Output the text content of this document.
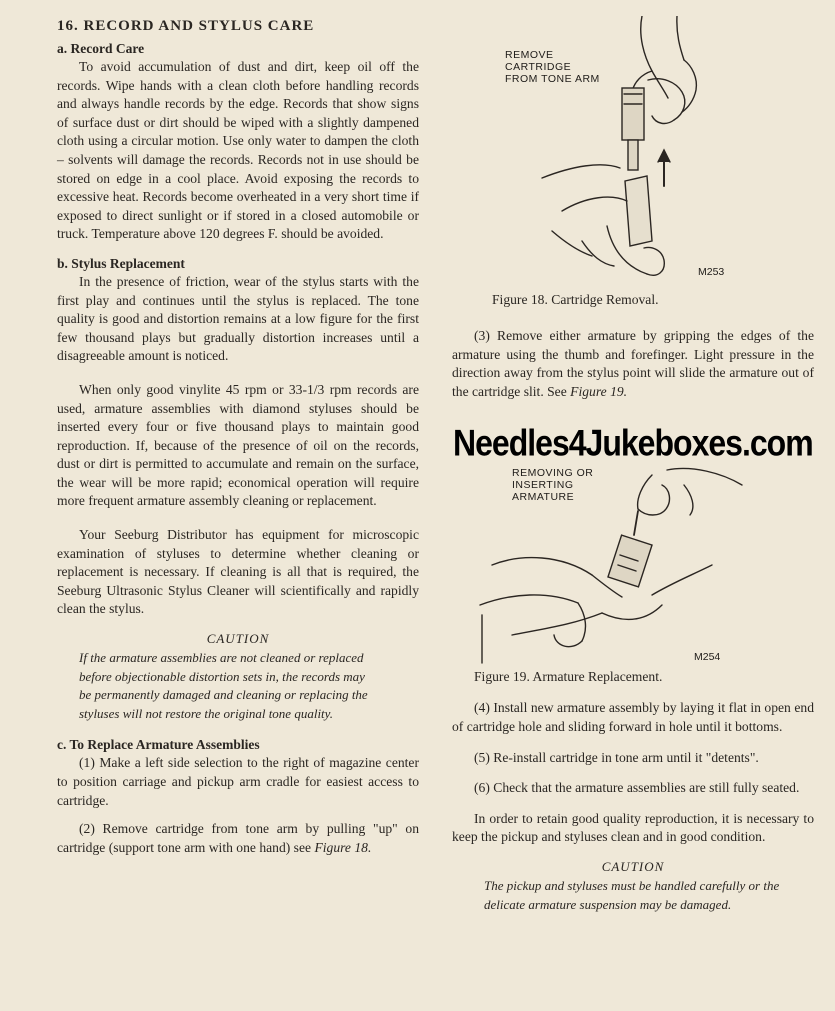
16. RECORD AND STYLUS CARE
a. Record Care

To avoid accumulation of dust and dirt, keep oil off the records. Wipe hands with a clean cloth before handling records and always handle records by the edge. Records that show signs of surface dust or dirt should be wiped with a slightly dampened cloth using a circular motion. Use only water to dampen the cloth – solvents will damage the records. Records not in use should be stored on edge in a cool place. Avoid exposing the records to excessive heat. Records become overheated in a very short time if exposed to direct sunlight or if stored in a closed automobile or truck. Temperature above 120 degrees F. should be avoided.

b. Stylus Replacement

In the presence of friction, wear of the stylus starts with the first play and continues until the stylus is replaced. The tone quality is good and distortion remains at a low figure for the first few thousand plays but gradually distortion increases until a disagreeable amount is noticed.

When only good vinylite 45 rpm or 33-1/3 rpm records are used, armature assemblies with diamond styluses should be inserted every four or five thousand plays to maintain good reproduction. If, because of the presence of oil on the records, dust or dirt is permitted to accumulate and remain on the surface, the wear will be more rapid; economical operation will require more frequent armature assembly cleaning or replacement.

Your Seeburg Distributor has equipment for microscopic examination of styluses to determine whether cleaning or replacement is necessary. If cleaning is all that is required, the Seeburg Ultrasonic Stylus Cleaner will scientifically and rapidly clean the stylus.

CAUTION
If the armature assemblies are not cleaned or replaced before objectionable distortion sets in, the records may be permanently damaged and cleaning or replacing the styluses will not restore the original tone quality.
c. To Replace Armature Assemblies

(1) Make a left side selection to the right of magazine center to position carriage and pickup arm cradle for easiest access to cartridge.

(2) Remove cartridge from tone arm by pulling "up" on cartridge (support tone arm with one hand) see Figure 18.

REMOVE
CARTRIDGE
FROM TONE ARM
M253

Figure 18. Cartridge Removal.

(3) Remove either armature by gripping the edges of the armature using the thumb and forefinger. Light pressure in the direction away from the stylus point will slide the armature out of the cartridge slit. See Figure 19.

REMOVING OR
INSERTING
ARMATURE
M254

Figure 19. Armature Replacement.

(4) Install new armature assembly by laying it flat in open end of cartridge hole and sliding forward in hole until it bottoms.

(5) Re-install cartridge in tone arm until it "detents".

(6) Check that the armature assemblies are still fully seated.

In order to retain good quality reproduction, it is necessary to keep the pickup and styluses clean and in good condition.

CAUTION
The pickup and styluses must be handled carefully or the delicate armature suspension may be damaged.
Needles4Jukeboxes.com
